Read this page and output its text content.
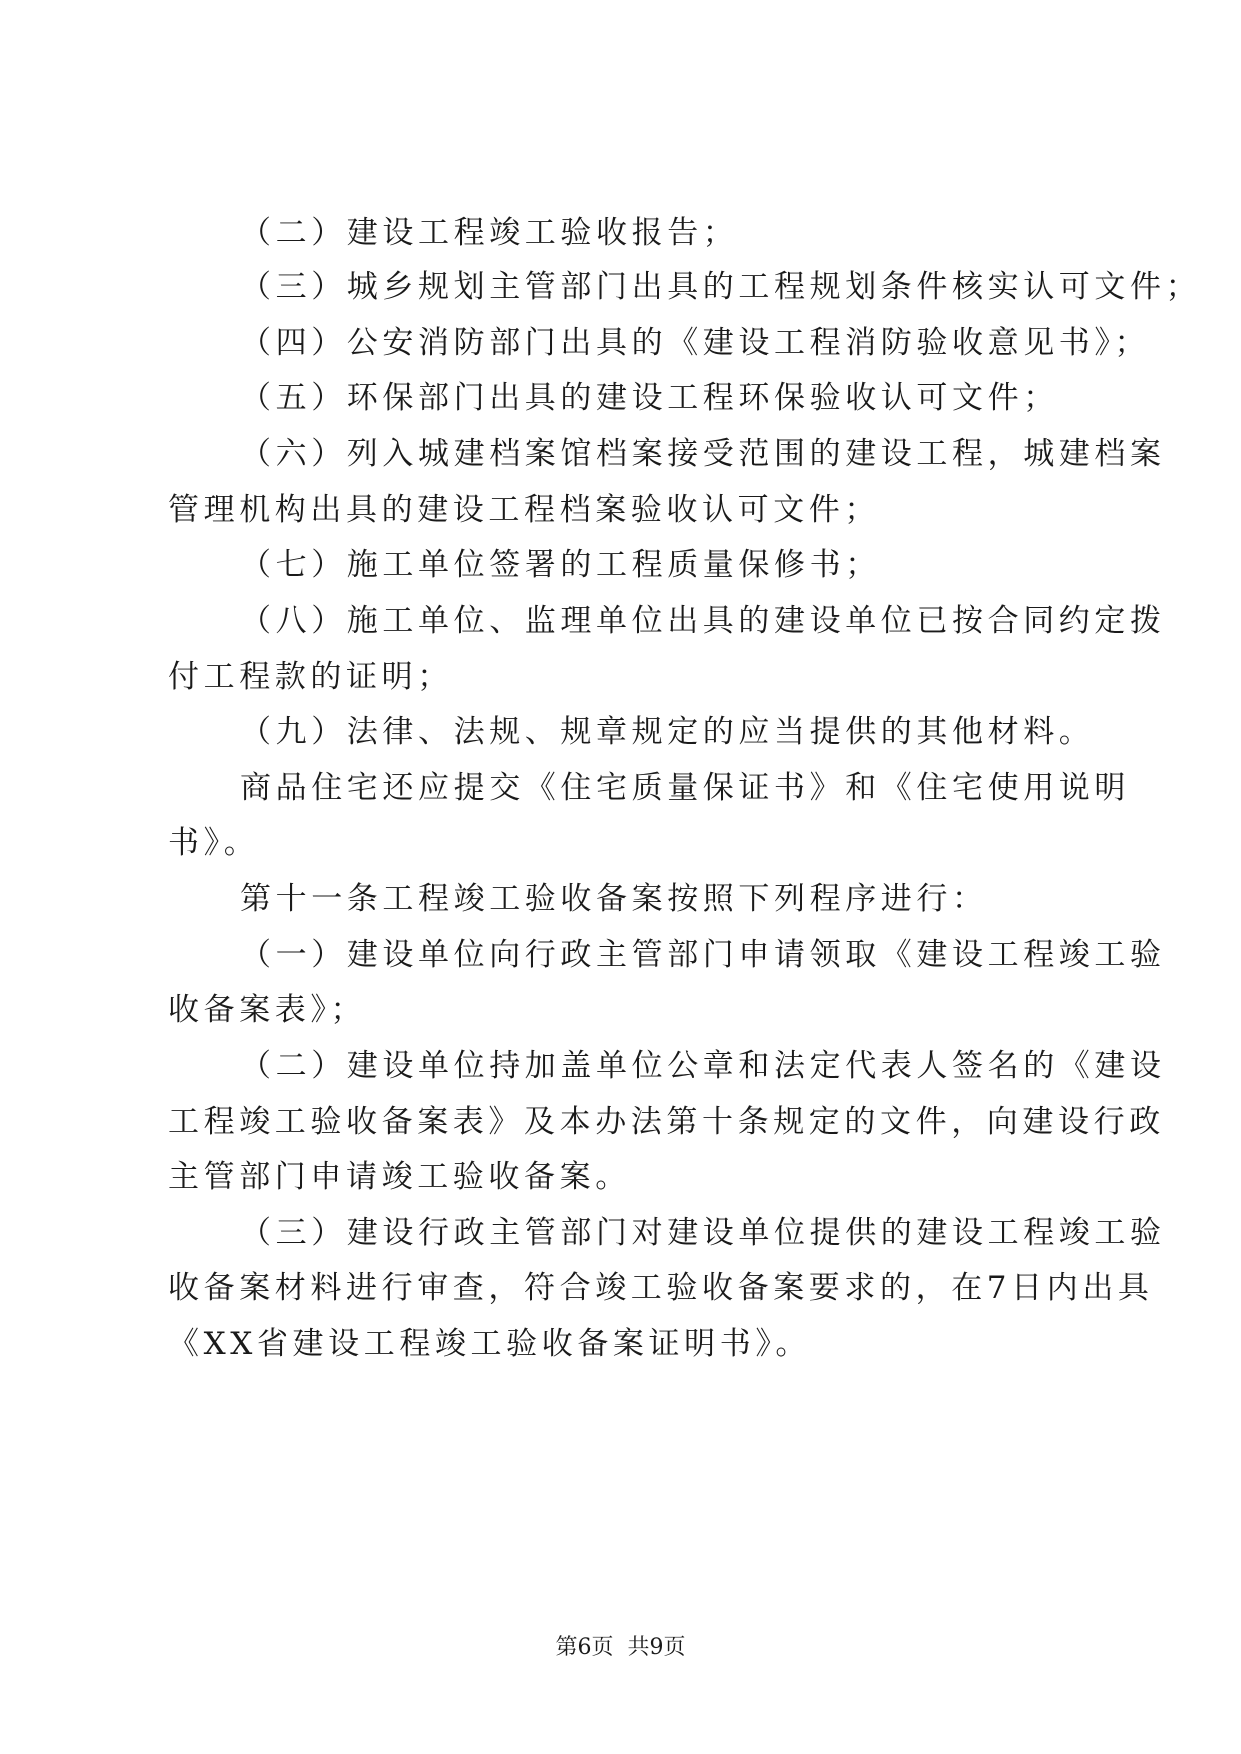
（二）建设工程竣工验收报告；
（三）城乡规划主管部门出具的工程规划条件核实认可文件；
（四）公安消防部门出具的《建设工程消防验收意见书》；
（五）环保部门出具的建设工程环保验收认可文件；
（六）列入城建档案馆档案接受范围的建设工程，城建档案
管理机构出具的建设工程档案验收认可文件；
（七）施工单位签署的工程质量保修书；
（八）施工单位、监理单位出具的建设单位已按合同约定拨
付工程款的证明；
（九）法律、法规、规章规定的应当提供的其他材料。
商品住宅还应提交《住宅质量保证书》和《住宅使用说明
书》。
第十一条工程竣工验收备案按照下列程序进行：
（一）建设单位向行政主管部门申请领取《建设工程竣工验
收备案表》；
（二）建设单位持加盖单位公章和法定代表人签名的《建设
工程竣工验收备案表》及本办法第十条规定的文件，向建设行政
主管部门申请竣工验收备案。
（三）建设行政主管部门对建设单位提供的建设工程竣工验
收备案材料进行审查，符合竣工验收备案要求的，在7日内出具
《XX省建设工程竣工验收备案证明书》。
第6页  共9页
